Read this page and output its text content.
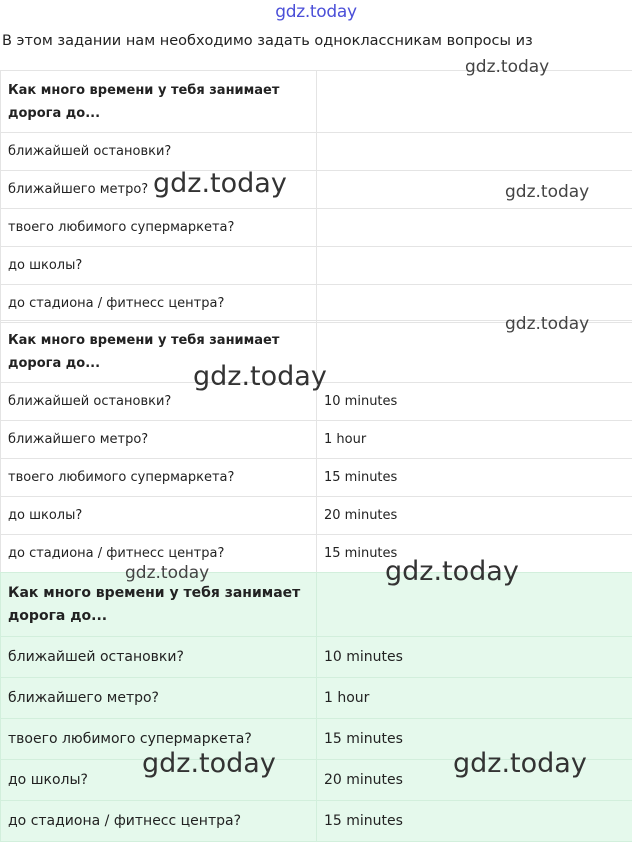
gdz.today
В этом задании нам необходимо задать одноклассникам вопросы из
Как много времени у тебя занимает дорога до...	
ближайшей остановки?	
ближайшего метро?	
твоего любимого супермаркета?	
до школы?	
до стадиона / фитнесс центра?	
Как много времени у тебя занимает дорога до...	
ближайшей остановки?	10 minutes
ближайшего метро?	1 hour
твоего любимого супермаркета?	15 minutes
до школы?	20 minutes
до стадиона / фитнесс центра?	15 minutes
Как много времени у тебя занимает дорога до...	
ближайшей остановки?	10 minutes
ближайшего метро?	1 hour
твоего любимого супермаркета?	15 minutes
до школы?	20 minutes
до стадиона / фитнесс центра?	15 minutes
gdz.today
gdz.today	gdz.today
gdz.today
gdz.today
gdz.today	gdz.today
gdz.today	gdz.today
